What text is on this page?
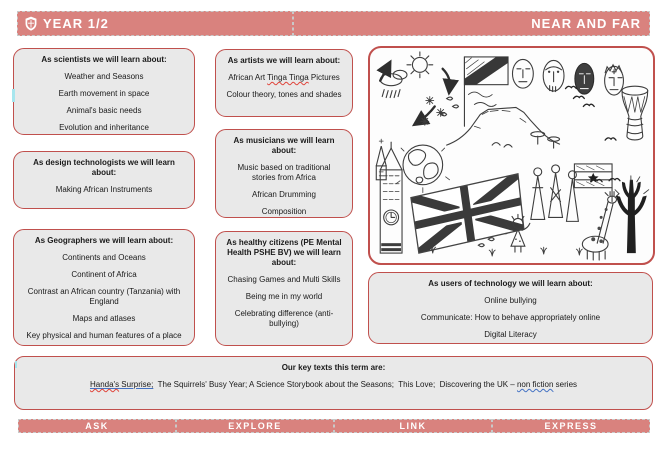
YEAR 1/2	NEAR AND FAR
As scientists we will learn about:
Weather and Seasons
Earth movement in space
Animal's basic needs
Evolution and inheritance
As design technologists we will learn about:
Making African Instruments
As Geographers we will learn about:
Continents and Oceans
Continent of Africa
Contrast an African country (Tanzania) with England
Maps and atlases
Key physical and human features of a place
As artists we will learn about:
African Art Tinga Tinga Pictures
Colour theory, tones and shades
As musicians we will learn about:
Music based on traditional stories from Africa
African Drumming
Composition
As healthy citizens (PE Mental Health PSHE BV) we will learn about:
Chasing Games and Multi Skills
Being me in my world
Celebrating difference (anti-bullying)
As users of technology we will learn about:
Online bullying
Communicate: How to behave appropriately online
Digital Literacy
Our key texts this term are:
Handa's Surprise;  The Squirrels' Busy Year; A Science Storybook about the Seasons;  This Love;  Discovering the UK – non fiction series
ASK	EXPLORE	LINK	EXPRESS
